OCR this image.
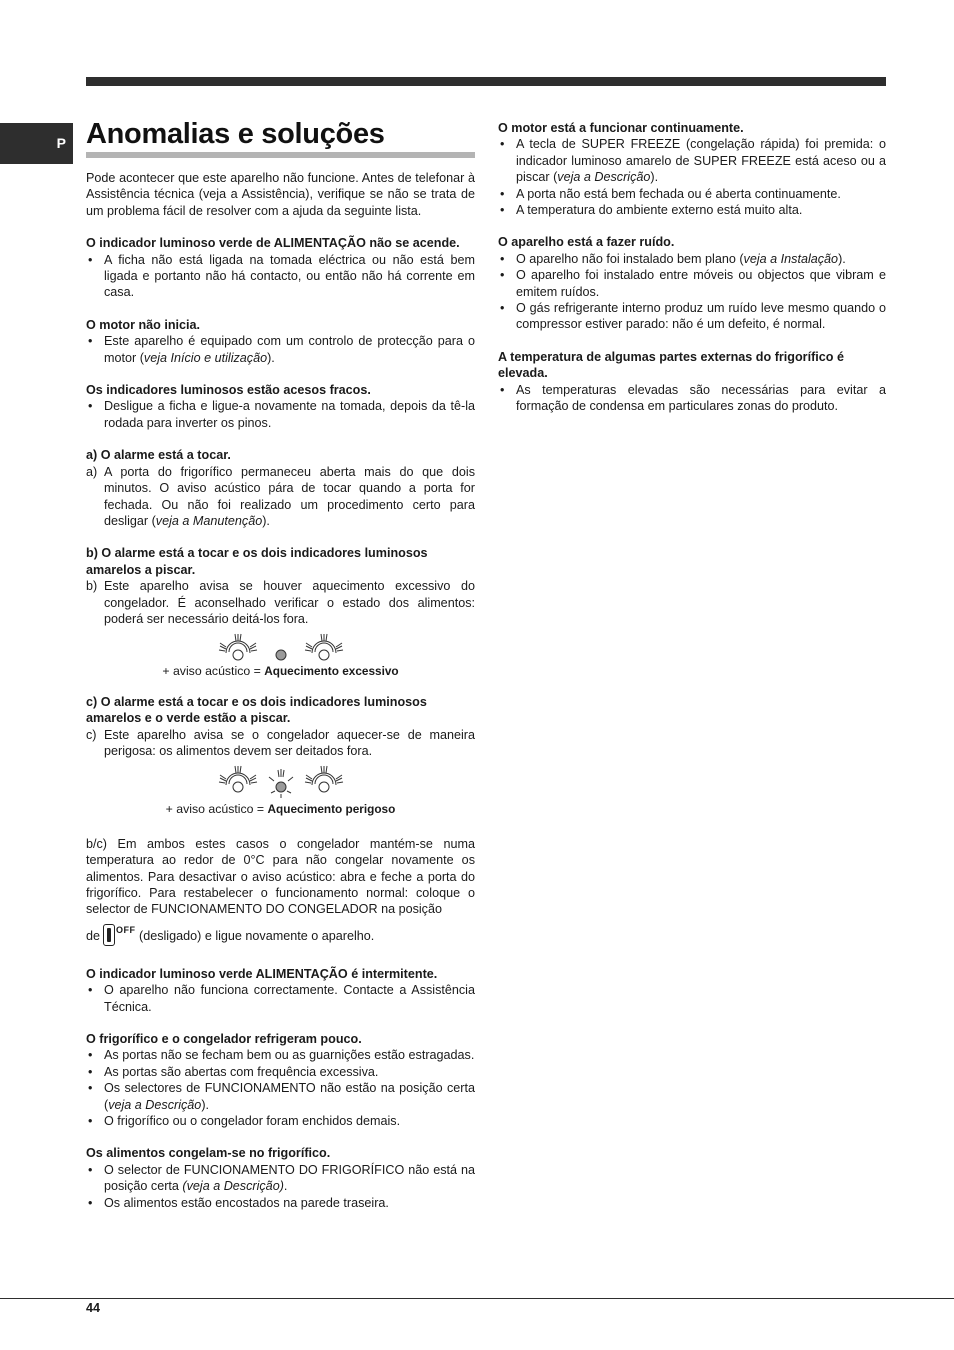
P Anomalias e soluções

Pode acontecer que este aparelho não funcione. Antes de telefonar à Assistência técnica (veja a Assistência), verifique se não se trata de um problema fácil de resolver com a ajuda da seguinte lista.

O indicador luminoso verde de ALIMENTAÇÃO não se acende.

• A ficha não está ligada na tomada eléctrica ou não está bem ligada e portanto não há contacto, ou então não há corrente em casa.

O motor não inicia.

• Este aparelho é equipado com um controlo de protecção para o motor (veja Início e utilização).

Os indicadores luminosos estão acesos fracos.

• Desligue a ficha e ligue-a novamente na tomada, depois da tê-la rodada para inverter os pinos.

a) O alarme está a tocar.

a) A porta do frigorífico permaneceu aberta mais do que dois minutos. O aviso acústico pára de tocar quando a porta for fechada. Ou não foi realizado um procedimento certo para desligar (veja a Manutenção).

b) O alarme está a tocar e os dois indicadores luminosos amarelos a piscar.

b) Este aparelho avisa se houver aquecimento excessivo do congelador. É aconselhado verificar o estado dos alimentos: poderá ser necessário deitá-los fora.

+ aviso acústico = Aquecimento excessivo

c) O alarme está a tocar e os dois indicadores luminosos amarelos e o verde estão a piscar.

c) Este aparelho avisa se o congelador aquecer-se de maneira perigosa: os alimentos devem ser deitados fora.

+ aviso acústico = Aquecimento perigoso

b/c) Em ambos estes casos o congelador mantém-se numa temperatura ao redor de 0°C para não congelar novamente os alimentos. Para desactivar o aviso acústico: abra e feche a porta do frigorífico. Para restabelecer o funcionamento normal: coloque o selector de FUNCIONAMENTO DO CONGELADOR na posição

de $^{OFF}$ (desligado) e ligue novamente o aparelho.

O indicador luminoso verde ALIMENTAÇÃO é intermitente.

• O aparelho não funciona correctamente. Contacte a Assistência Técnica.

O frigorífico e o congelador refrigeram pouco.

• As portas não se fecham bem ou as guarnições estão estragadas.
• As portas são abertas com frequência excessiva.
• Os selectores de FUNCIONAMENTO não estão na posição certa (veja a Descrição).
• O frigorífico ou o congelador foram enchidos demais.

Os alimentos congelam-se no frigorífico.

• O selector de FUNCIONAMENTO DO FRIGORÍFICO não está na posição certa (veja a Descrição).
• Os alimentos estão encostados na parede traseira.

O motor está a funcionar continuamente.

• A tecla de SUPER FREEZE (congelação rápida) foi premida: o indicador luminoso amarelo de SUPER FREEZE está aceso ou a piscar (veja a Descrição).
• A porta não está bem fechada ou é aberta continuamente.
• A temperatura do ambiente externo está muito alta.

O aparelho está a fazer ruído.

• O aparelho não foi instalado bem plano (veja a Instalação).
• O aparelho foi instalado entre móveis ou objectos que vibram e emitem ruídos.
• O gás refrigerante interno produz um ruído leve mesmo quando o compressor estiver parado: não é um defeito, é normal.

A temperatura de algumas partes externas do frigorífico é elevada.

• As temperaturas elevadas são necessárias para evitar a formação de condensa em particulares zonas do produto.
44
